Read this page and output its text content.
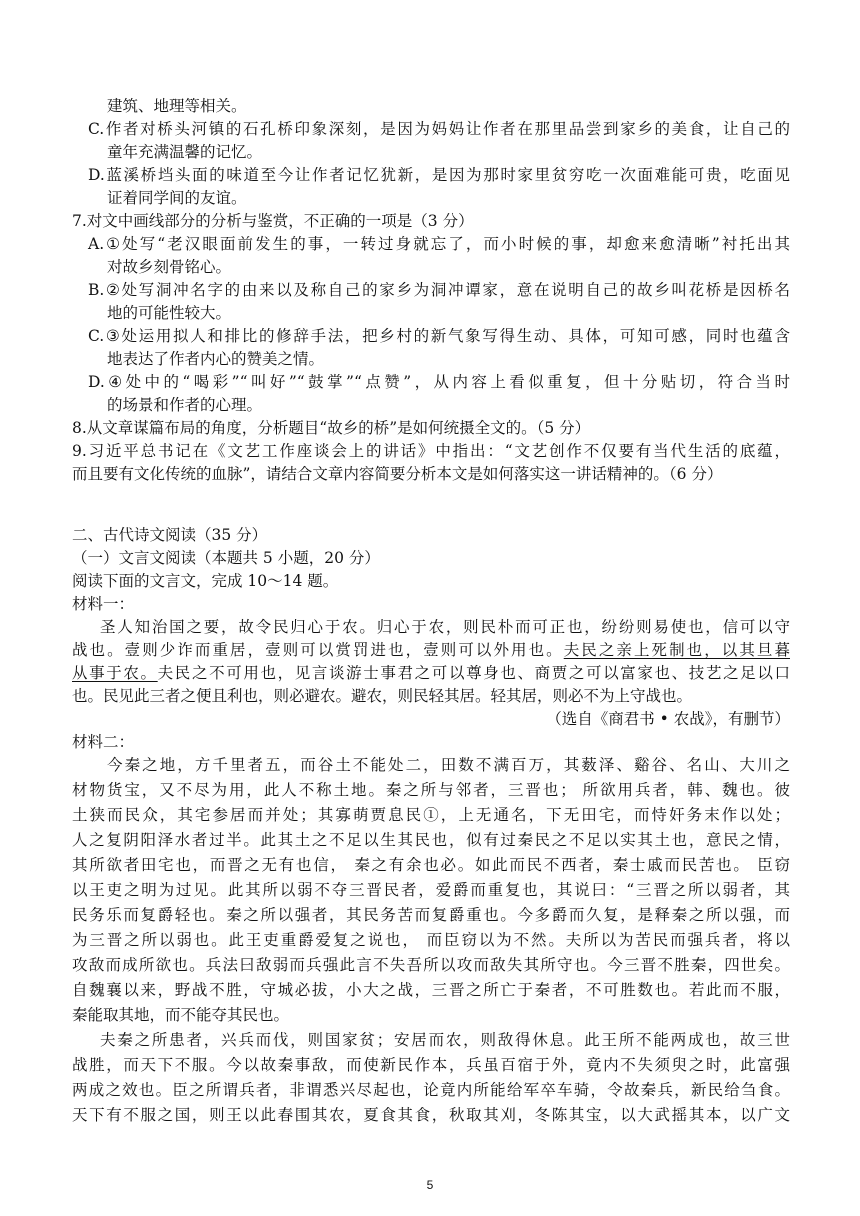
建筑、地理等相关。
C.作者对桥头河镇的石孔桥印象深刻，是因为妈妈让作者在那里品尝到家乡的美食，让自己的
童年充满温馨的记忆。
D.蓝溪桥垱头面的味道至今让作者记忆犹新，是因为那时家里贫穷吃一次面难能可贵，吃面见
证着同学间的友谊。
7.对文中画线部分的分析与鉴赏，不正确的一项是（3 分）
A.①处写“老汉眼面前发生的事，一转过身就忘了，而小时候的事，却愈来愈清晰”衬托出其
对故乡刻骨铭心。
B.②处写洞冲名字的由来以及称自己的家乡为洞冲谭家，意在说明自己的故乡叫花桥是因桥名
地的可能性较大。
C.③处运用拟人和排比的修辞手法，把乡村的新气象写得生动、具体，可知可感，同时也蕴含
地表达了作者内心的赞美之情。
D.④处中的“喝彩”“叫好”“鼓掌”“点赞”，从内容上看似重复，但十分贴切，符合当时
的场景和作者的心理。
8.从文章谋篇布局的角度，分析题目“故乡的桥”是如何统摄全文的。（5 分）
9.习近平总书记在《文艺工作座谈会上的讲话》中指出：“文艺创作不仅要有当代生活的底蕴，
而且要有文化传统的血脉”，请结合文章内容简要分析本文是如何落实这一讲话精神的。（6 分）
二、古代诗文阅读（35 分）
（一）文言文阅读（本题共 5 小题，20 分）
阅读下面的文言文，完成 10～14 题。
材料一：
圣人知治国之要，故令民归心于农。归心于农，则民朴而可正也，纷纷则易使也，信可以守
战也。壹则少诈而重居，壹则可以赏罚进也，壹则可以外用也。夫民之亲上死制也，以其旦暮
从事于农。夫民之不可用也，见言谈游士事君之可以尊身也、商贾之可以富家也、技艺之足以口
也。民见此三者之便且利也，则必避农。避农，则民轻其居。轻其居，则必不为上守战也。
（选自《商君书 • 农战》，有删节）
材料二：
今秦之地，方千里者五，而谷土不能处二，田数不满百万，其薮泽、谿谷、名山、大川之
材物货宝，又不尽为用，此人不称土地。秦之所与邻者，三晋也； 所欲用兵者，韩、魏也。彼
土狭而民众，其宅参居而并处；其寡萌贾息民①，上无通名，下无田宅，而恃奸务末作以处；
人之复阴阳泽水者过半。此其土之不足以生其民也，似有过秦民之不足以实其土也，意民之情，
其所欲者田宅也，而晋之无有也信， 秦之有余也必。如此而民不西者，秦士戚而民苦也。 臣窃
以王吏之明为过见。此其所以弱不夺三晋民者，爱爵而重复也，其说曰：“三晋之所以弱者，其
民务乐而复爵轻也。秦之所以强者，其民务苦而复爵重也。今多爵而久复，是释秦之所以强，而
为三晋之所以弱也。此王吏重爵爱复之说也， 而臣窃以为不然。夫所以为苦民而强兵者，将以
攻敌而成所欲也。兵法曰敌弱而兵强此言不失吾所以攻而敌失其所守也。今三晋不胜秦，四世矣。
自魏襄以来，野战不胜，守城必拔，小大之战，三晋之所亡于秦者，不可胜数也。若此而不服，
秦能取其地，而不能夺其民也。
夫秦之所患者，兴兵而伐，则国家贫；安居而农，则敌得休息。此王所不能两成也，故三世
战胜，而天下不服。今以故秦事敌，而使新民作本，兵虽百宿于外，竟内不失须臾之时，此富强
两成之效也。臣之所谓兵者，非谓悉兴尽起也，论竟内所能给军卒车骑，令故秦兵，新民给刍食。
天下有不服之国，则王以此春围其农，夏食其食，秋取其刈，冬陈其宝，以大武摇其本，以广文
5
